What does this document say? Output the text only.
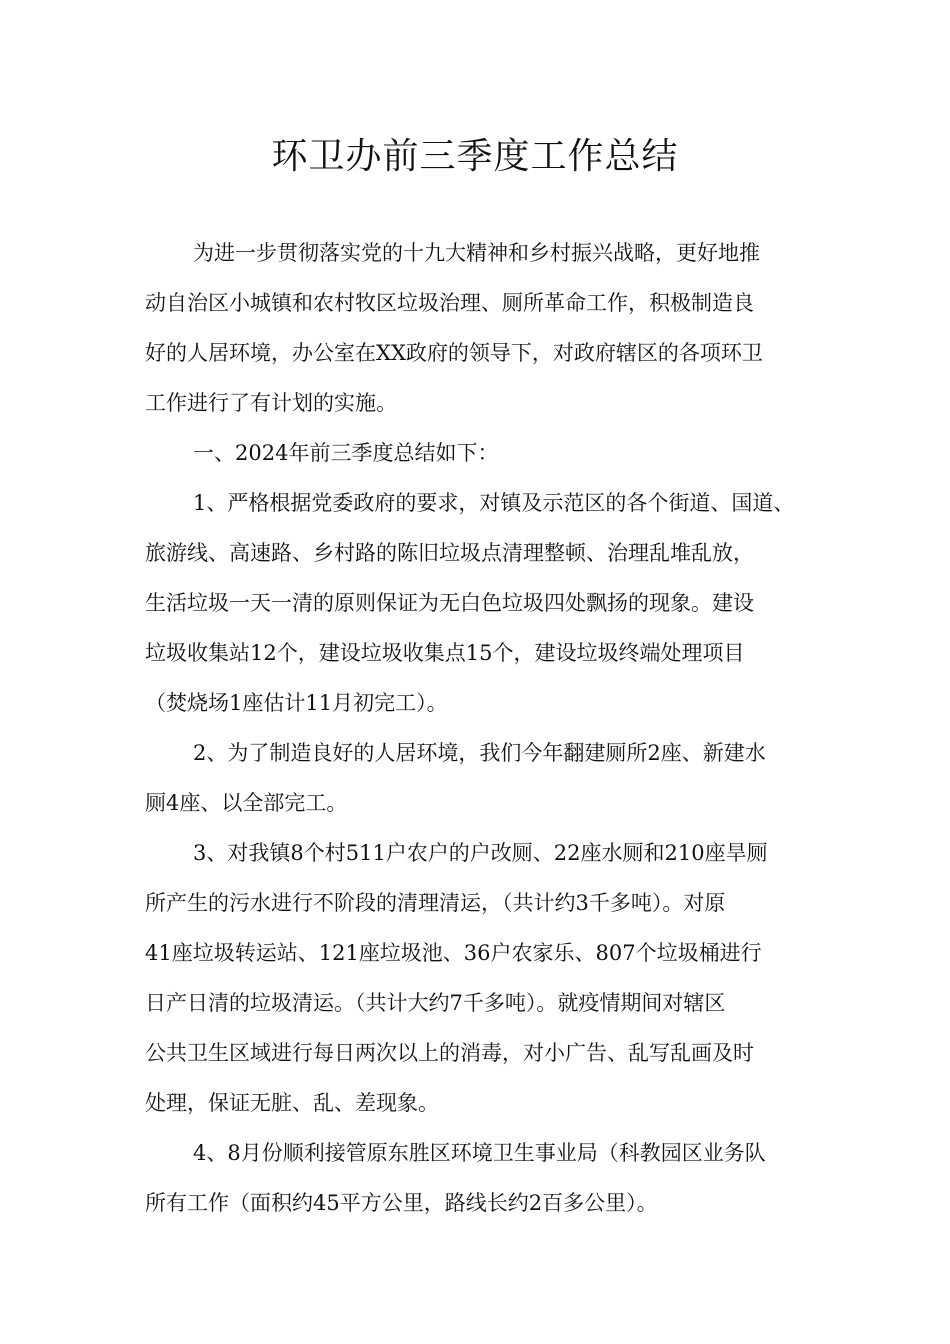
环卫办前三季度工作总结

为进一步贯彻落实党的十九大精神和乡村振兴战略，更好地推

动自治区小城镇和农村牧区垃圾治理、厕所革命工作，积极制造良

好的人居环境，办公室在XX政府的领导下，对政府辖区的各项环卫

工作进行了有计划的实施。

一、2024年前三季度总结如下：

1、严格根据党委政府的要求，对镇及示范区的各个街道、国道、

旅游线、高速路、乡村路的陈旧垃圾点清理整顿、治理乱堆乱放，

生活垃圾一天一清的原则保证为无白色垃圾四处飘扬的现象。建设

垃圾收集站12个，建设垃圾收集点15个，建设垃圾终端处理项目

（焚烧场1座估计11月初完工）。

2、为了制造良好的人居环境，我们今年翻建厕所2座、新建水

厕4座、以全部完工。

3、对我镇8个村511户农户的户改厕、22座水厕和210座旱厕

所产生的污水进行不阶段的清理清运，（共计约3千多吨）。对原

41座垃圾转运站、121座垃圾池、36户农家乐、807个垃圾桶进行

日产日清的垃圾清运。（共计大约7千多吨）。就疫情期间对辖区

公共卫生区域进行每日两次以上的消毒，对小广告、乱写乱画及时

处理，保证无脏、乱、差现象。

4、8月份顺利接管原东胜区环境卫生事业局（科教园区业务队

所有工作（面积约45平方公里，路线长约2百多公里）。
